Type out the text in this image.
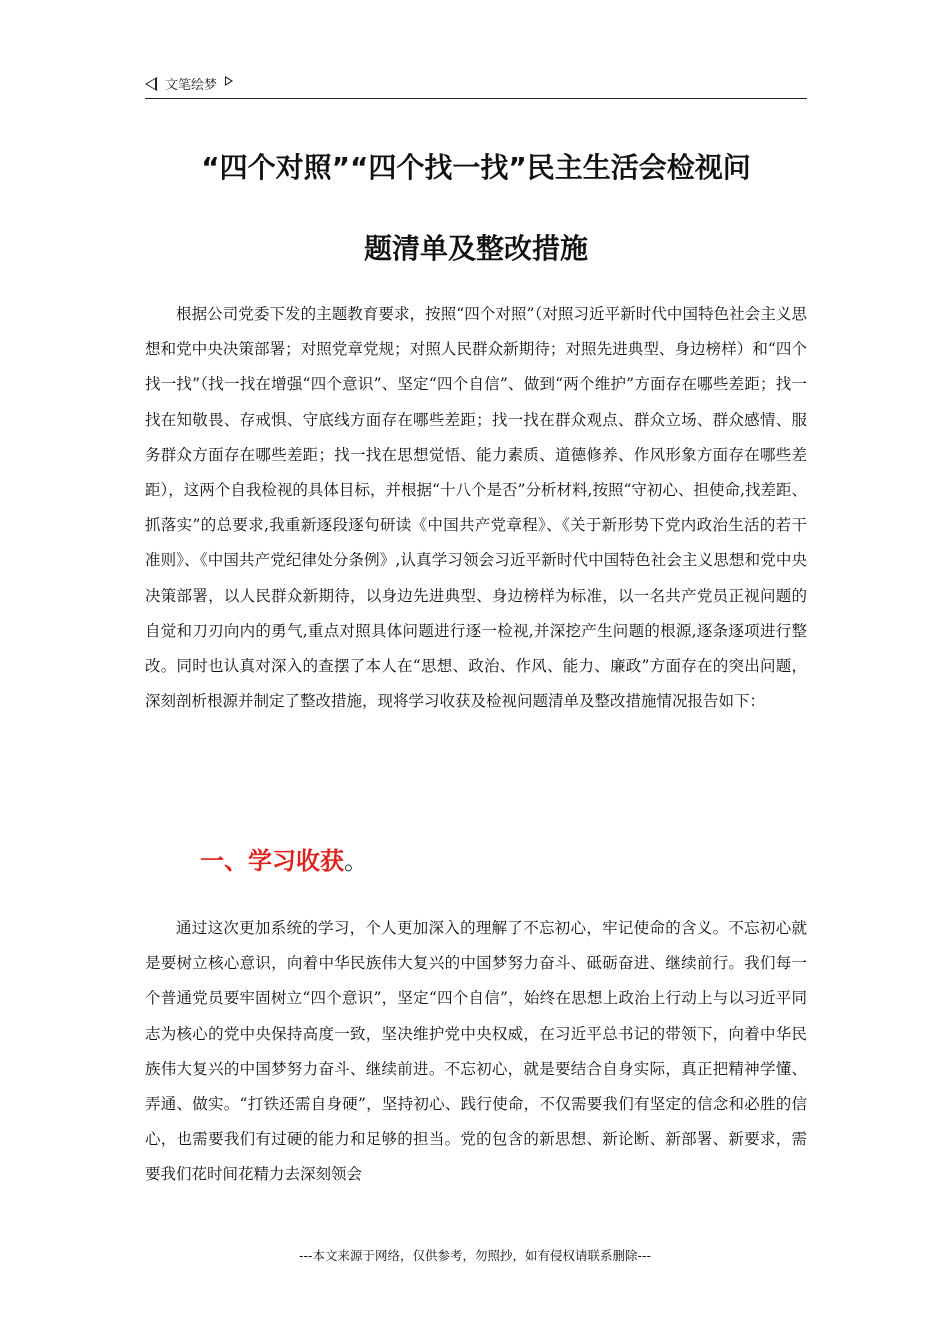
文笔绘梦
“四个对照”“四个找一找”民主生活会检视问
题清单及整改措施

根据公司党委下发的主题教育要求，按照“四个对照”（对照习近平新时代中国特色社会主义思想和党中央决策部署；对照党章党规；对照人民群众新期待；对照先进典型、身边榜样）和“四个找一找”（找一找在增强“四个意识”、坚定“四个自信”、做到“两个维护”方面存在哪些差距；找一找在知敬畏、存戒惧、守底线方面存在哪些差距；找一找在群众观点、群众立场、群众感情、服务群众方面存在哪些差距；找一找在思想觉悟、能力素质、道德修养、作风形象方面存在哪些差距），这两个自我检视的具体目标，并根据“十八个是否”分析材料,按照“守初心、担使命,找差距、抓落实”的总要求,我重新逐段逐句研读《中国共产党章程》、《关于新形势下党内政治生活的若干准则》、《中国共产党纪律处分条例》,认真学习领会习近平新时代中国特色社会主义思想和党中央决策部署，以人民群众新期待，以身边先进典型、身边榜样为标准，以一名共产党员正视问题的自觉和刀刃向内的勇气,重点对照具体问题进行逐一检视,并深挖产生问题的根源,逐条逐项进行整改。同时也认真对深入的查摆了本人在“思想、政治、作风、能力、廉政”方面存在的突出问题，深刻剖析根源并制定了整改措施，现将学习收获及检视问题清单及整改措施情况报告如下：

一、学习收获。

通过这次更加系统的学习，个人更加深入的理解了不忘初心，牢记使命的含义。不忘初心就是要树立核心意识，向着中华民族伟大复兴的中国梦努力奋斗、砥砺奋进、继续前行。我们每一个普通党员要牢固树立“四个意识”，坚定“四个自信”，始终在思想上政治上行动上与以习近平同志为核心的党中央保持高度一致，坚决维护党中央权威，在习近平总书记的带领下，向着中华民族伟大复兴的中国梦努力奋斗、继续前进。不忘初心，就是要结合自身实际，真正把精神学懂、弄通、做实。“打铁还需自身硬”，坚持初心、践行使命，不仅需要我们有坚定的信念和必胜的信心，也需要我们有过硬的能力和足够的担当。党的包含的新思想、新论断、新部署、新要求，需要我们花时间花精力去深刻领会

---本文来源于网络，仅供参考，勿照抄，如有侵权请联系删除---
